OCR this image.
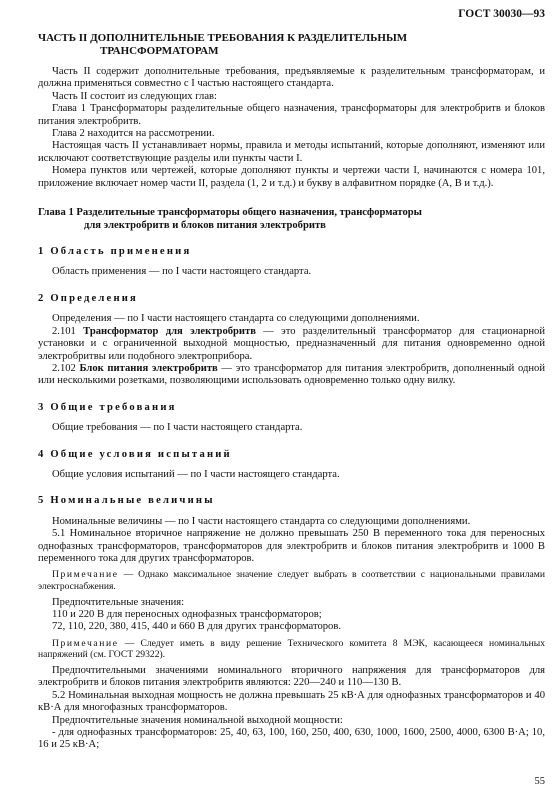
ГОСТ 30030—93
ЧАСТЬ II ДОПОЛНИТЕЛЬНЫЕ ТРЕБОВАНИЯ К РАЗДЕЛИТЕЛЬНЫМ
ТРАНСФОРМАТОРАМ

Часть II содержит дополнительные требования, предъявляемые к разделительным трансформаторам, и должна применяться совместно с I частью настоящего стандарта.

Часть II состоит из следующих глав:

Глава 1 Трансформаторы разделительные общего назначения, трансформаторы для электробритв и блоков питания электробритв.

Глава 2 находится на рассмотрении.

Настоящая часть II устанавливает нормы, правила и методы испытаний, которые дополняют, изменяют или исключают соответствующие разделы или пункты части I.

Номера пунктов или чертежей, которые дополняют пункты и чертежи части I, начинаются с номера 101, приложение включает номер части II, раздела (1, 2 и т.д.) и букву в алфавитном порядке (А, В и т.д.).

Глава 1 Разделительные трансформаторы общего назначения, трансформаторы
для электробритв и блоков питания электробритв
1 Область применения

Область применения — по I части настоящего стандарта.

2 Определения

Определения — по I части настоящего стандарта со следующими дополнениями.

2.101 Трансформатор для электробритв — это разделительный трансформатор для стационарной установки и с ограниченной выходной мощностью, предназначенный для питания одновременно одной электробритвы или подобного электроприбора.

2.102 Блок питания электробритв — это трансформатор для питания электробритв, дополненный одной или несколькими розетками, позволяющими использовать одновременно только одну вилку.

3 Общие требования

Общие требования — по I части настоящего стандарта.

4 Общие условия испытаний

Общие условия испытаний — по I части настоящего стандарта.

5 Номинальные величины

Номинальные величины — по I части настоящего стандарта со следующими дополнениями.

5.1 Номинальное вторичное напряжение не должно превышать 250 В переменного тока для переносных однофазных трансформаторов, трансформаторов для электробритв и блоков питания электробритв и 1000 В переменного тока для других трансформаторов.

Примечание — Однако максимальное значение следует выбрать в соответствии с национальными правилами электроснабжения.

Предпочтительные значения:

110 и 220 В для переносных однофазных трансформаторов;

72, 110, 220, 380, 415, 440 и 660 В для других трансформаторов.

Примечание — Следует иметь в виду решение Технического комитета 8 МЭК, касающееся номинальных напряжений (см. ГОСТ 29322).

Предпочтительными значениями номинального вторичного напряжения для трансформаторов для электробритв и блоков питания электробритв являются: 220—240 и 110—130 В.

5.2 Номинальная выходная мощность не должна превышать 25 кВ·А для однофазных трансформаторов и 40 кВ·А для многофазных трансформаторов.

Предпочтительные значения номинальной выходной мощности:

- для однофазных трансформаторов: 25, 40, 63, 100, 160, 250, 400, 630, 1000, 1600, 2500, 4000, 6300 В·А; 10, 16 и 25 кВ·А;

55
